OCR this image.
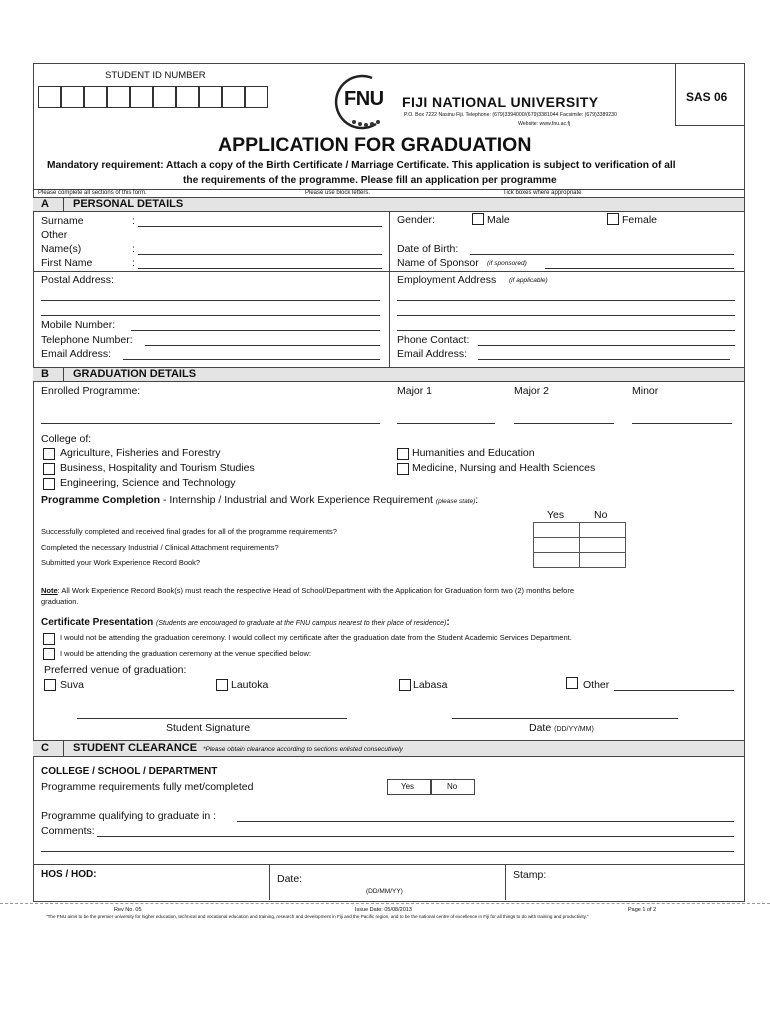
STUDENT ID NUMBER
FNU FIJI NATIONAL UNIVERSITY
P.O. Box 7222 Nasinu Fiji. Telephone: (679)3394000/(679)3381044 Facsimile: (679)3389230
Website: www.fnu.ac.fj
SAS 06
APPLICATION FOR GRADUATION
Mandatory requirement: Attach a copy of the Birth Certificate / Marriage Certificate. This application is subject to verification of all
the requirements of the programme. Please fill an application per programme
Please complete all sections of this form.	Please use block letters.	Tick boxes where appropriate
A PERSONAL DETAILS
Surname	:
Other
Name(s)	:
First Name	:
Gender:	Male	Female
Date of Birth:
Name of Sponsor (if sponsored)
Postal Address:
Mobile Number:
Telephone Number:
Email Address:
Employment Address (if applicable)
Phone Contact:
Email Address:
B GRADUATION DETAILS
Enrolled Programme:	Major 1	Major 2	Minor
College of:
Agriculture, Fisheries and Forestry
Business, Hospitality and Tourism Studies
Engineering, Science and Technology
Humanities and Education
Medicine, Nursing and Health Sciences
Programme Completion - Internship / Industrial and Work Experience Requirement (please state):
Yes	No

Successfully completed and received final grades for all of the programme requirements?
Completed the necessary Industrial / Clinical Attachment requirements?
Submitted your Work Experience Record Book?
Note: All Work Experience Record Book(s) must reach the respective Head of School/Department with the Application for Graduation form two (2) months before
graduation.
Certificate Presentation (Students are encouraged to graduate at the FNU campus nearest to their place of residence):
I would not be attending the graduation ceremony. I would collect my certificate after the graduation date from the Student Academic Services Department.
I would be attending the graduation ceremony at the venue specified below:
Preferred venue of graduation:
Suva	Lautoka	Labasa	Other
Student Signature	Date (DD/YY/MM)
C STUDENT CLEARANCE *Please obtain clearance according to sections enlisted consecutively
COLLEGE / SCHOOL / DEPARTMENT
Programme requirements fully met/completed	Yes	No
Programme qualifying to graduate in :
Comments:
HOS / HOD:	Date:
(DD/MM/YY)
Stamp:
Rev No. 05	Issue Date: 05/08/2013	Page 1 of 2
"The FNU aims to be the premier university for higher education, technical and vocational education and training, research and development in Fiji and the Pacific region, and to be the national centre of excellence in Fiji for all things to do with training and productivity."
